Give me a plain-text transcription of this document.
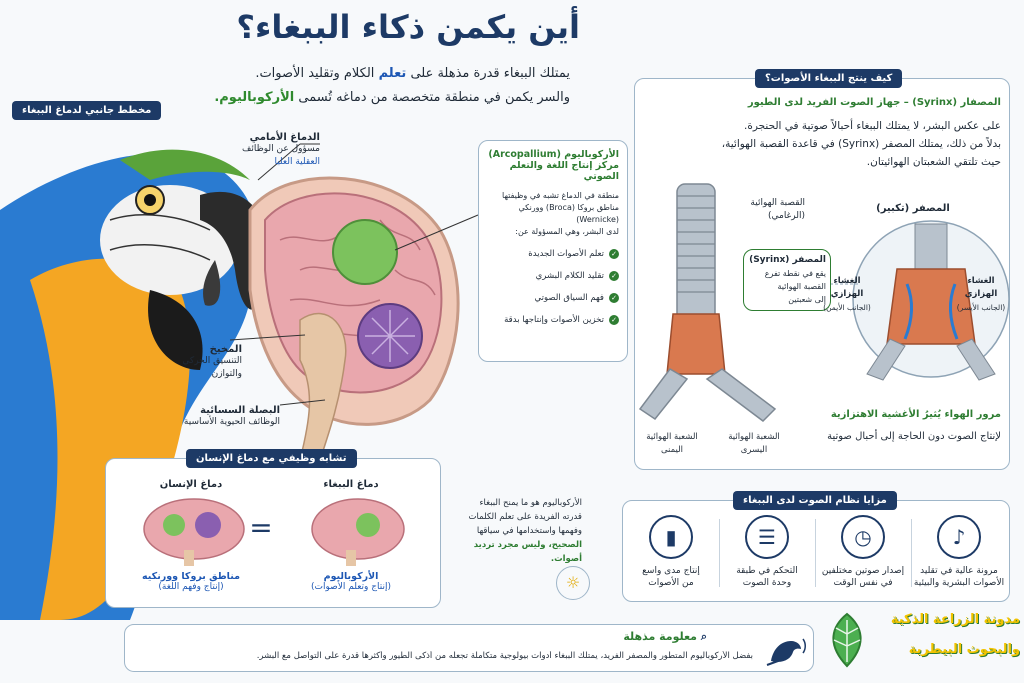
أين يكمن ذكاء الببغاء؟
يمتلك الببغاء قدرة مذهلة على تعلم الكلام وتقليد الأصوات.
والسر يكمن في منطقة متخصصة من دماغه تُسمى الأركوباليوم.
مخطط جانبي لدماغ الببغاء
الدماغ الأمامي
مسؤول عن الوظائف
العقلية العليا
المخيخ
التنسيق الحركي
والتوازن
البصلة السسائية
الوظائف الحيوية الأساسية
الأركوباليوم (Arcopallium)
مركز إنتاج اللغة والتعلم الصوتي
منطقة في الدماغ تشبه في وظيفتها
مناطق بروكا (Broca) وورنكي (Wernicke)
لدى البشر، وهي المسؤولة عن:
✓تعلم الأصوات الجديدة
✓تقليد الكلام البشري
✓فهم السياق الصوتي
✓تخزين الأصوات وإنتاجها بدقة
كيف ينتج الببغاء الأصوات؟
المصفار (Syrinx) – جهاز الصوت الفريد لدى الطيور
على عكس البشر، لا يمتلك الببغاء أحبالاً صوتية في الحنجرة.
بدلاً من ذلك، يمتلك المصفر (Syrinx) في قاعدة القصبة الهوائية،
حيث تلتقي الشعبتان الهوائيتان.
القصبة الهوائية
(الرغامي)
المصفر (Syrinx)
يقع في نقطة تفرع
القصبة الهوائية
إلى شعبتين
المصفر (تكبير)
الغشاء
الهزازي
(الجانب الأيمن)
الغشاء
الهزازي
(الجانب الأيسر)
الشعبة الهوائية
اليمنى
الشعبة الهوائية
اليسرى
مرور الهواء يُثيرُ الأغشية الاهتزازية
لإنتاج الصوت دون الحاجة إلى أحبال صوتية
تشابه وظيفي مع دماغ الإنسان
دماغ الإنسان	دماغ الببغاء
=
مناطق بروكا وورنكيه
(إنتاج وفهم اللغة)
الأركوباليوم
(إنتاج وتعلم الأصوات)
الأركوباليوم هو ما يمنح الببغاء
قدرته الفريدة على تعلم الكلمات
وفهمها واستخدامها في سياقها
الصحيح، وليس مجرد ترديد أصوات.
☼
مزايا نظام الصوت لدى الببغاء
♪
مرونة عالية في تقليد
الأصوات البشرية والبيئية
◷
إصدار صوتين مختلفين
في نفس الوقت
☰
التحكم في طبقة
وحدة الصوت
▮
إنتاج مدى واسع
من الأصوات
⌕ معلومة مذهلة
بفضل الأركوباليوم المتطور والمصفر الفريد، يمتلك الببغاء أدوات بيولوجية متكاملة تجعله من أذكى الطيور وأكثرها قدرة على التواصل مع البشر.
مدونة الزراعة الذكية
والبحوث البيطرية
